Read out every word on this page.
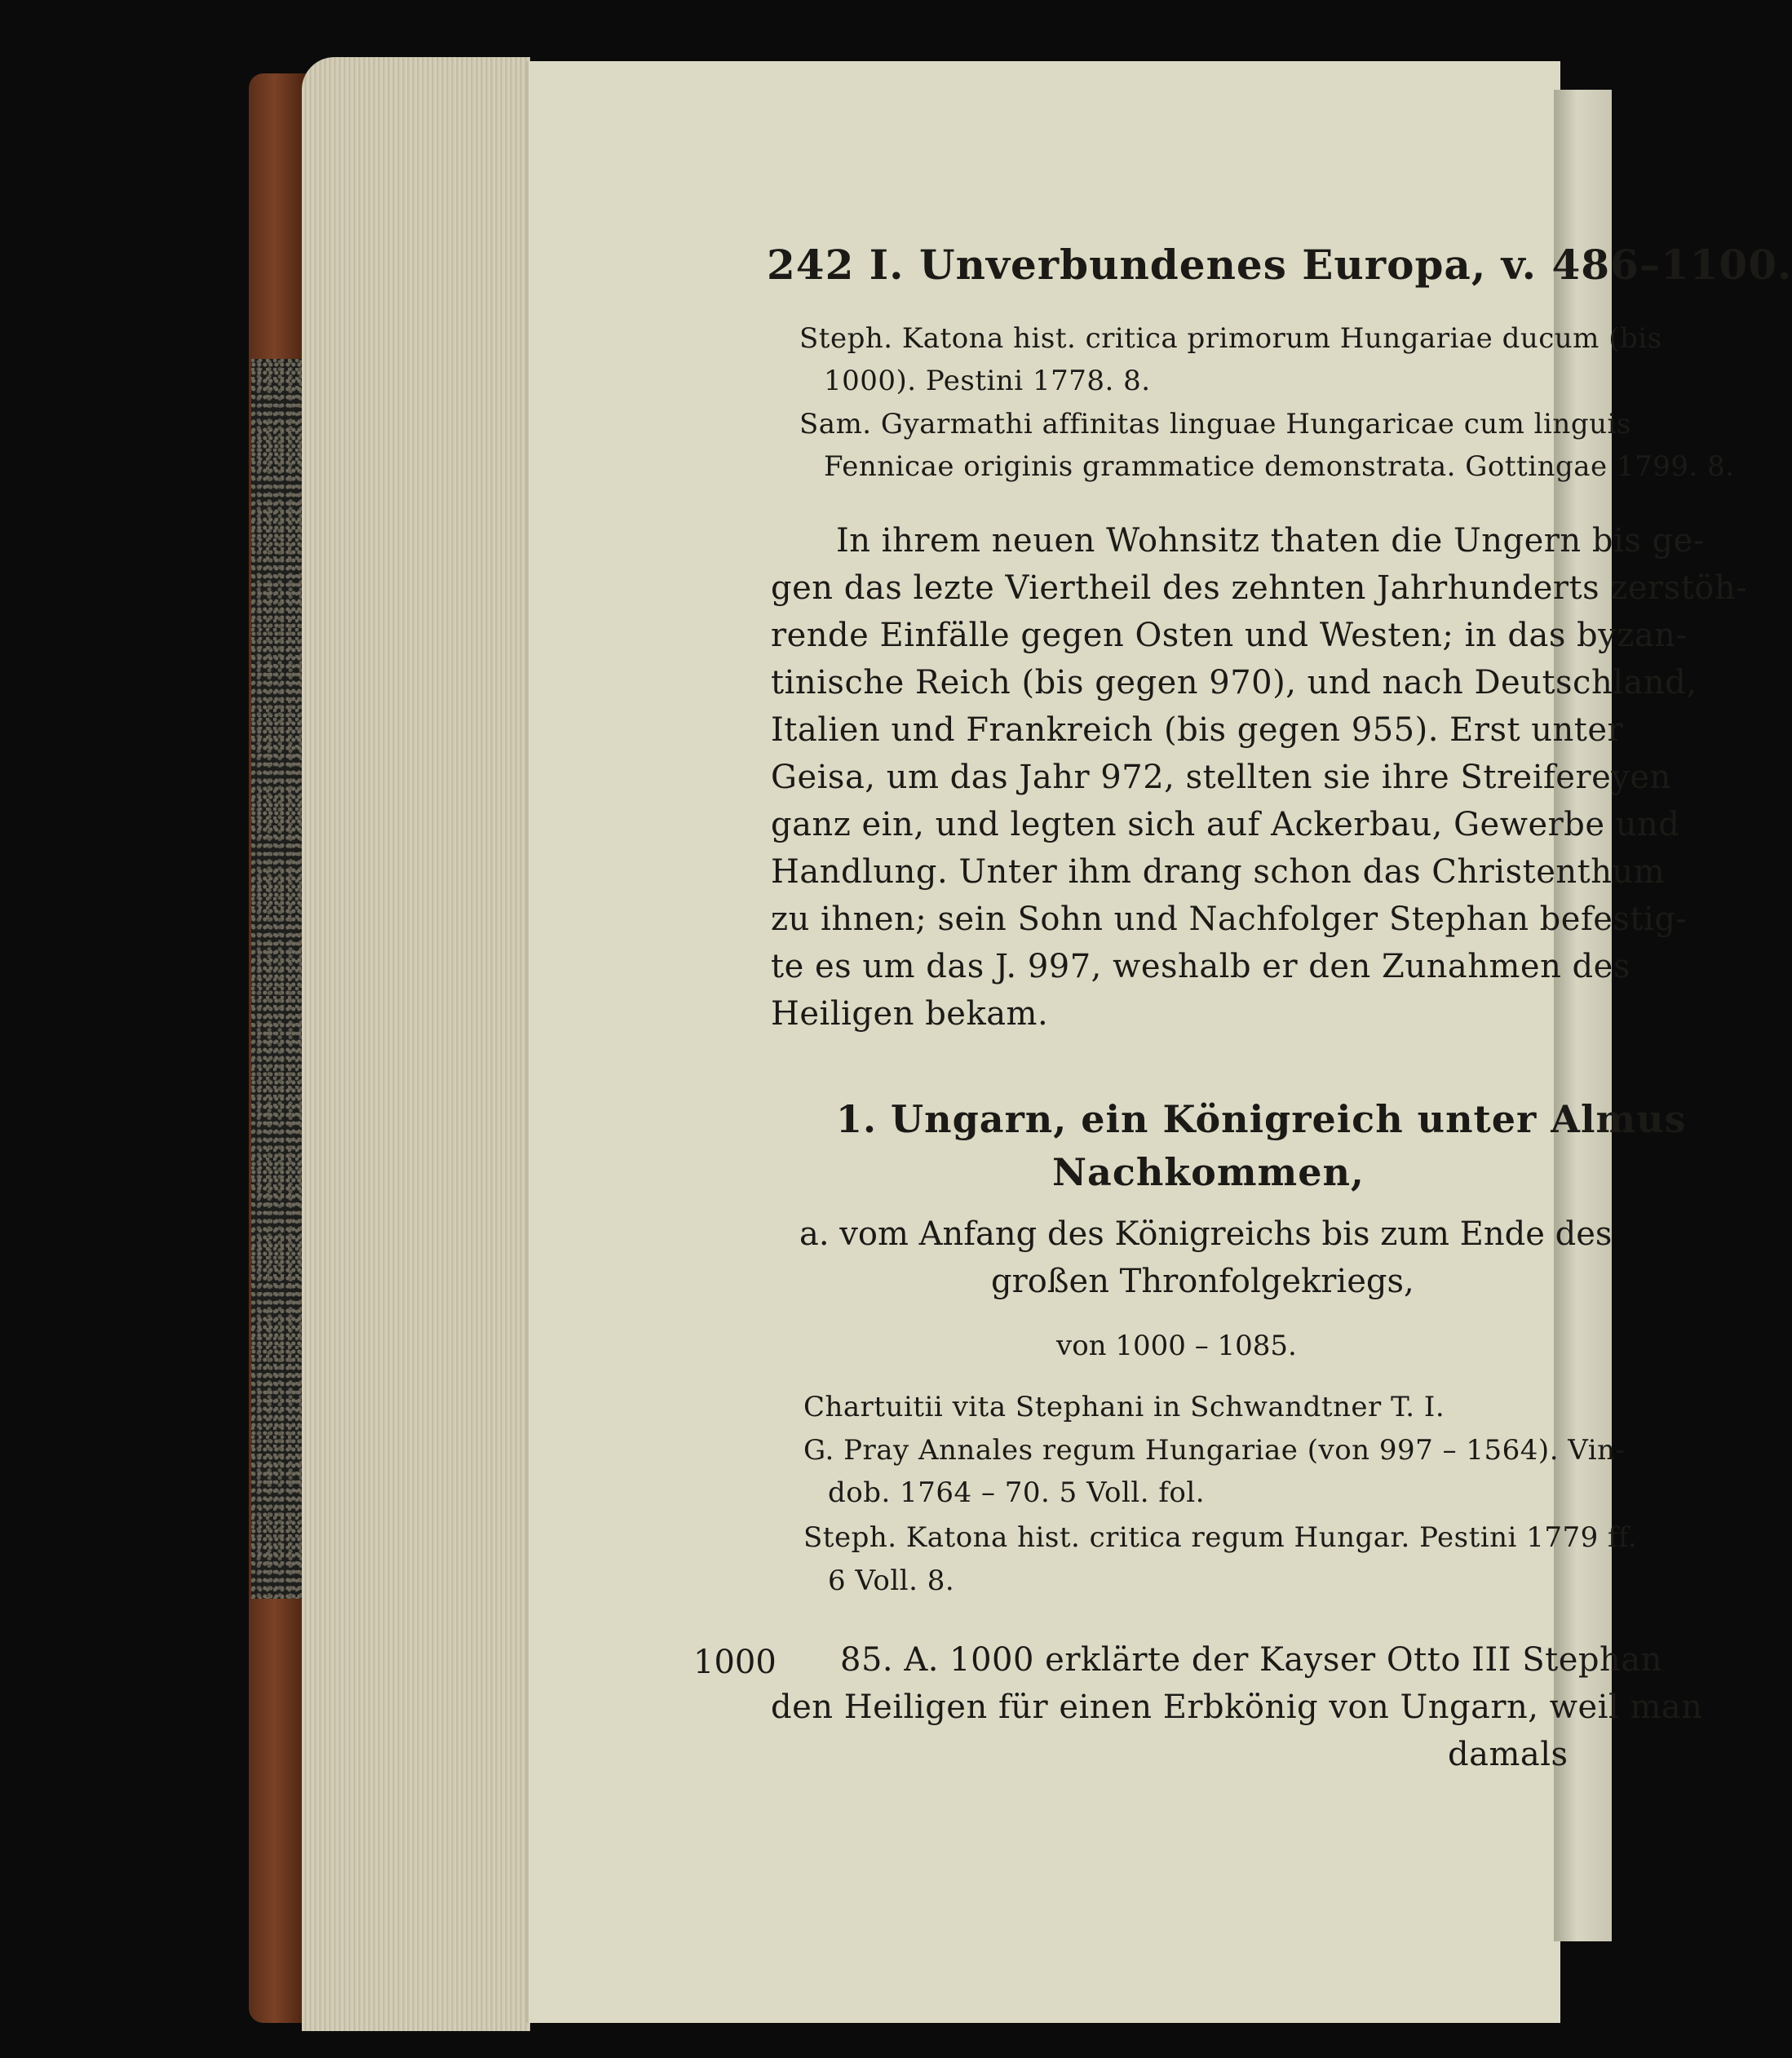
242 I. Unverbundenes Europa, v. 486–1100.
Steph. Katona hist. critica primorum Hungariae ducum (bis
1000). Pestini 1778. 8.
Sam. Gyarmathi affinitas linguae Hungaricae cum linguis
Fennicae originis grammatice demonstrata. Gottingae 1799. 8.
In ihrem neuen Wohnsitz thaten die Ungern bis ge-
gen das lezte Viertheil des zehnten Jahrhunderts zerstöh-
rende Einfälle gegen Osten und Westen; in das byzan-
tinische Reich (bis gegen 970), und nach Deutschland,
Italien und Frankreich (bis gegen 955). Erst unter
Geisa, um das Jahr 972, stellten sie ihre Streifereyen
ganz ein, und legten sich auf Ackerbau, Gewerbe und
Handlung. Unter ihm drang schon das Christenthum
zu ihnen; sein Sohn und Nachfolger Stephan befestig-
te es um das J. 997, weshalb er den Zunahmen des
Heiligen bekam.
1. Ungarn, ein Königreich unter Almus
Nachkommen,
a. vom Anfang des Königreichs bis zum Ende des
großen Thronfolgekriegs,
von 1000 – 1085.
Chartuitii vita Stephani in Schwandtner T. I.
G. Pray Annales regum Hungariae (von 997 – 1564). Vin-
dob. 1764 – 70. 5 Voll. fol.
Steph. Katona hist. critica regum Hungar. Pestini 1779 ff.
6 Voll. 8.
1000 85. A. 1000 erklärte der Kayser Otto III Stephan
den Heiligen für einen Erbkönig von Ungarn, weil man
damals
